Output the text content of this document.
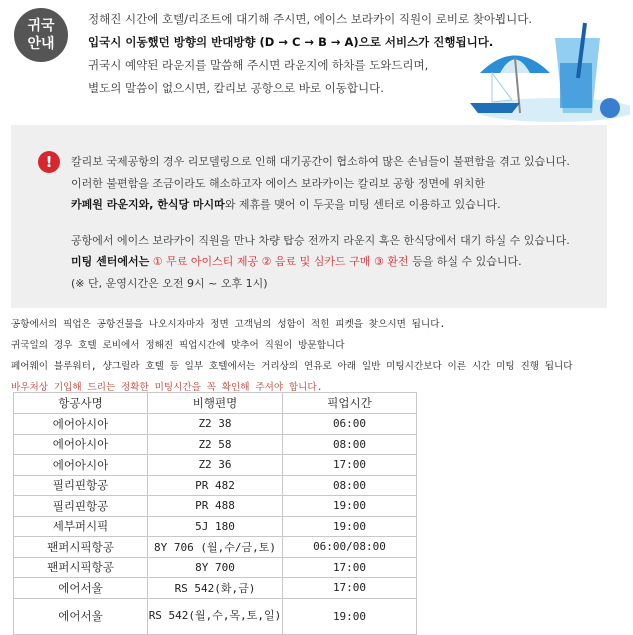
귀국
안내
정해진 시간에 호텔/리조트에 대기해 주시면, 에이스 보라카이 직원이 로비로 찾아뵙니다.
입국시 이동했던 방향의 반대방향 (D → C → B → A)으로 서비스가 진행됩니다.
귀국시 예약된 라운지를 말씀해 주시면 라운지에 하차를 도와드리며,
별도의 말씀이 없으시면, 칼리보 공항으로 바로 이동합니다.
!	칼리보 국제공항의 경우 리모델링으로 인해 대기공간이 협소하여 많은 손님들이 불편함을 겪고 있습니다.
이러한 불편함을 조금이라도 해소하고자 에이스 보라카이는 칼리보 공항 정면에 위치한
카페원 라운지와, 한식당 마시따와 제휴를 맺어 이 두곳을 미팅 센터로 이용하고 있습니다.
공항에서 에이스 보라카이 직원을 만나 차량 탑승 전까지 라운지 혹은 한식당에서 대기 하실 수 있습니다.
미팅 센터에서는 ① 무료 아이스티 제공 ② 음료 및 심카드 구매 ③ 환전 등을 하실 수 있습니다.
(※ 단, 운영시간은 오전 9시 ~ 오후 1시)
공항에서의 픽업은 공항건물을 나오시자마자 정면 고객님의 성함이 적힌 피켓을 찾으시면 됩니다.
귀국일의 경우 호텔 로비에서 정해진 픽업시간에 맞추어 직원이 방문합니다
페어웨이 블루워터, 샹그릴라 호텔 등 일부 호텔에서는 거리상의 연유로 아래 일반 미팅시간보다 이른 시간 미팅 진행 됩니다
바우처상 기입해 드리는 정확한 미팅시간을 꼭 확인해 주셔야 합니다.
항공사명	비행편명	픽업시간
에어아시아	Z2 38	06:00
에어아시아	Z2 58	08:00
에어아시아	Z2 36	17:00
필리핀항공	PR 482	08:00
필리핀항공	PR 488	19:00
세부퍼시픽	5J 180	19:00
팬퍼시픽항공	8Y 706 (월,수/금,토)	06:00/08:00
팬퍼시픽항공	8Y 700	17:00
에어서울	RS 542(화,금)	17:00
에어서울	RS 542(월,수,목,토,일)	19:00
